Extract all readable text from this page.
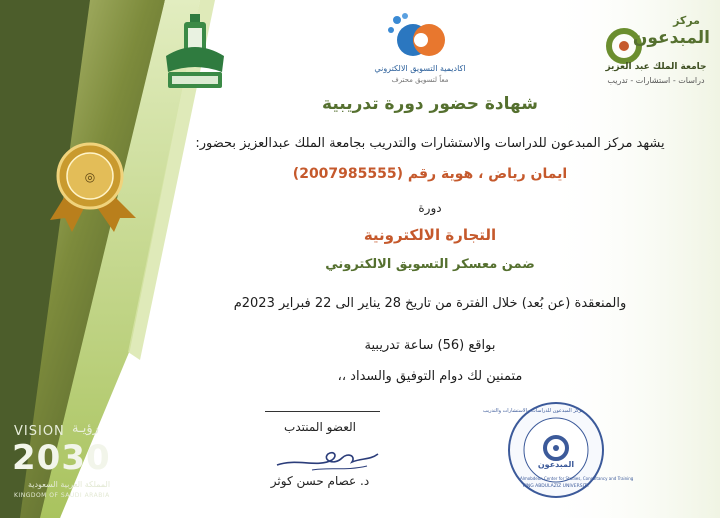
◎
اكاديمية التسويق الالكتروني
معاً لتسويق محترف
مركز
المبدعون
جامعة الملك عبد العزيز
دراسات - استشارات - تدريب
شهادة حضور دورة تدريبية
يشهد مركز المبدعون للدراسات والاستشارات والتدريب بجامعة الملك عبدالعزيز بحضور:
ايمان رياض ، هوية رقم (2007985555)
دورة
التجارة الالكترونية
ضمن معسكر التسويق الالكتروني
والمنعقدة (عن بُعد) خلال الفترة من تاريخ 28 يناير الى 22 فبراير 2023م
بواقع (56) ساعة تدريبية
متمنين لك دوام التوفيق والسداد ،،
العضو المنتدب
د. عصام حسن كوثر
مركز المبدعون للدراسات والاستشارات والتدريب
المبدعون
Almobdeon Center for Studies, Consultancy and Training
KING ABDULAZIZ UNIVERSITY
VISION رؤيـة
2030
المملكة العربية السعودية
KINGDOM OF SAUDI ARABIA
